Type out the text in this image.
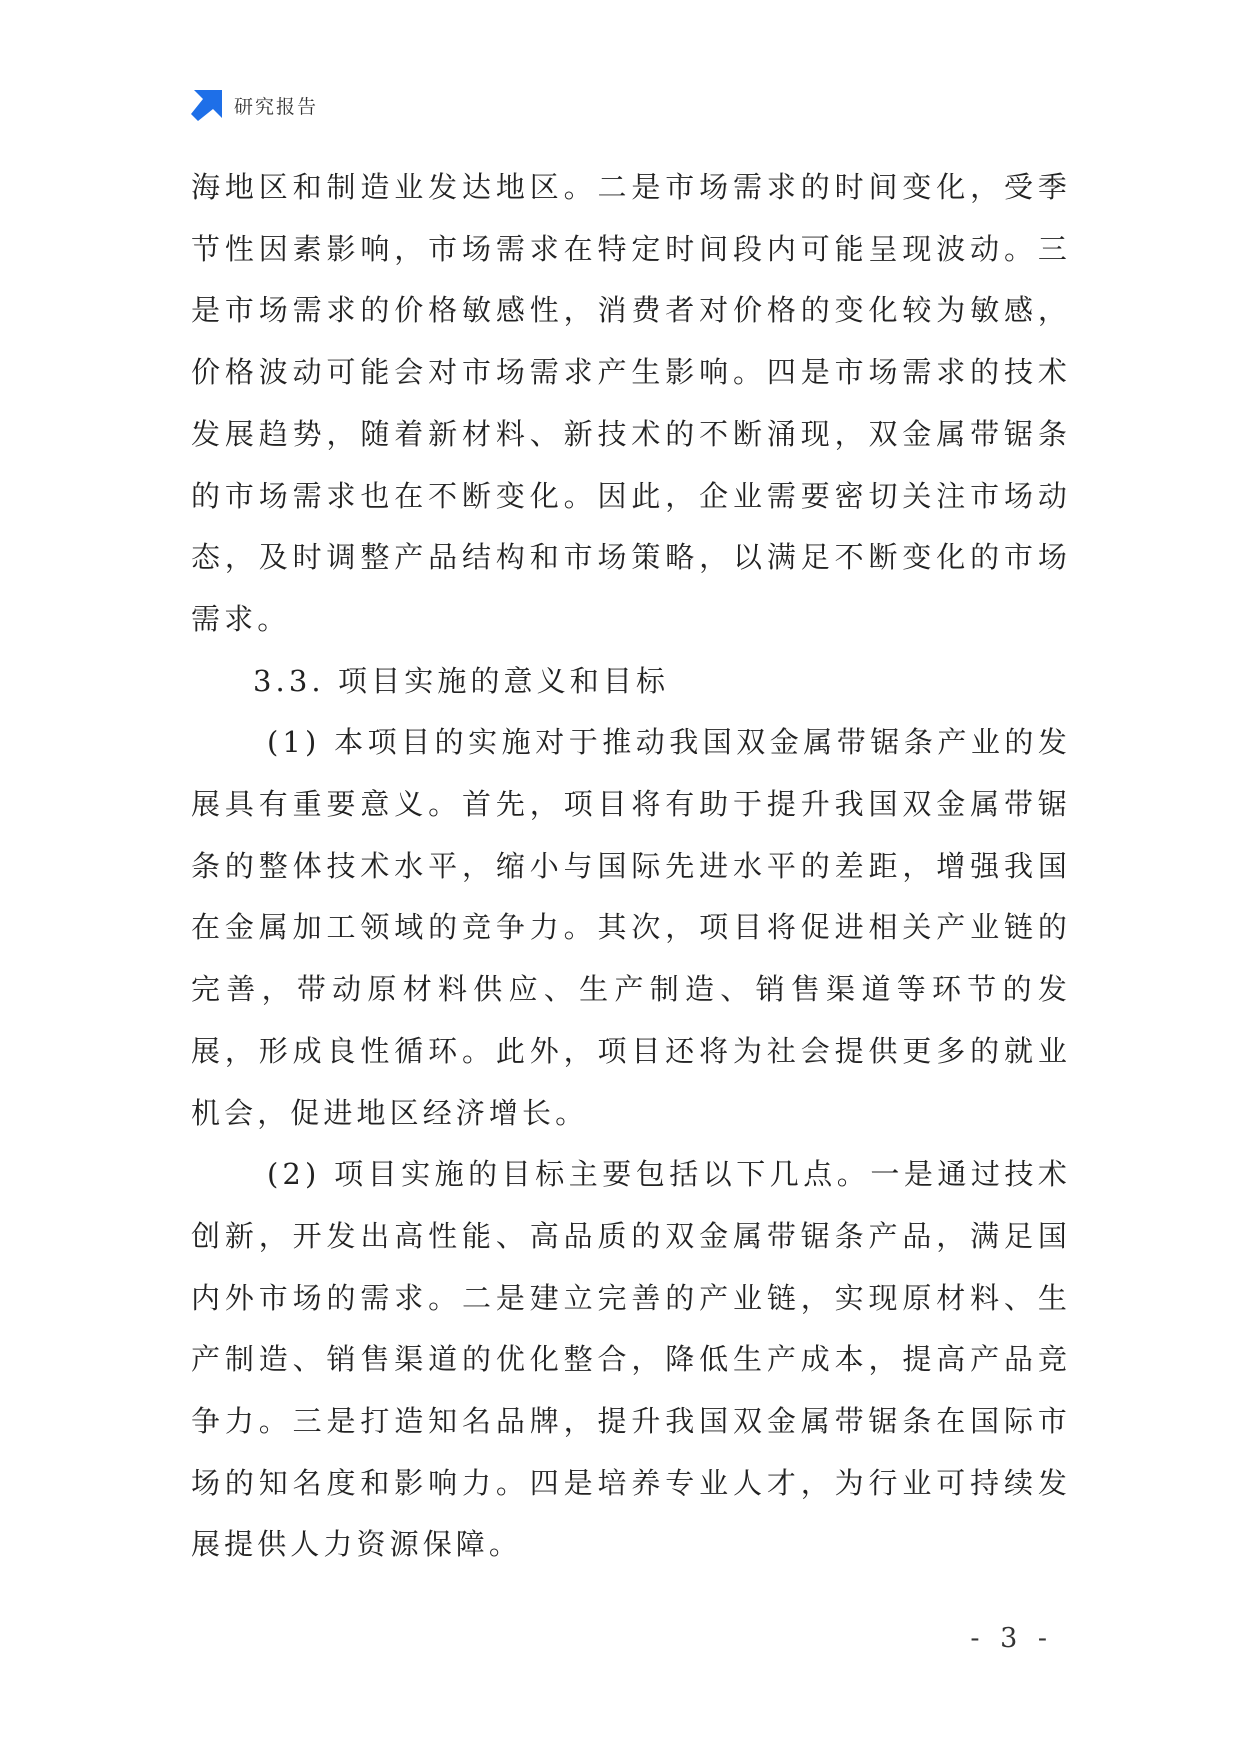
研究报告

海地区和制造业发达地区。二是市场需求的时间变化，受季节性因素影响，市场需求在特定时间段内可能呈现波动。三是市场需求的价格敏感性，消费者对价格的变化较为敏感，价格波动可能会对市场需求产生影响。四是市场需求的技术发展趋势，随着新材料、新技术的不断涌现，双金属带锯条的市场需求也在不断变化。因此，企业需要密切关注市场动态，及时调整产品结构和市场策略，以满足不断变化的市场需求。

3.3. 项目实施的意义和目标

(1) 本项目的实施对于推动我国双金属带锯条产业的发展具有重要意义。首先，项目将有助于提升我国双金属带锯条的整体技术水平，缩小与国际先进水平的差距，增强我国在金属加工领域的竞争力。其次，项目将促进相关产业链的完善，带动原材料供应、生产制造、销售渠道等环节的发展，形成良性循环。此外，项目还将为社会提供更多的就业机会，促进地区经济增长。

(2) 项目实施的目标主要包括以下几点。一是通过技术创新，开发出高性能、高品质的双金属带锯条产品，满足国内外市场的需求。二是建立完善的产业链，实现原材料、生产制造、销售渠道的优化整合，降低生产成本，提高产品竞争力。三是打造知名品牌，提升我国双金属带锯条在国际市场的知名度和影响力。四是培养专业人才，为行业可持续发展提供人力资源保障。

- 3 -
